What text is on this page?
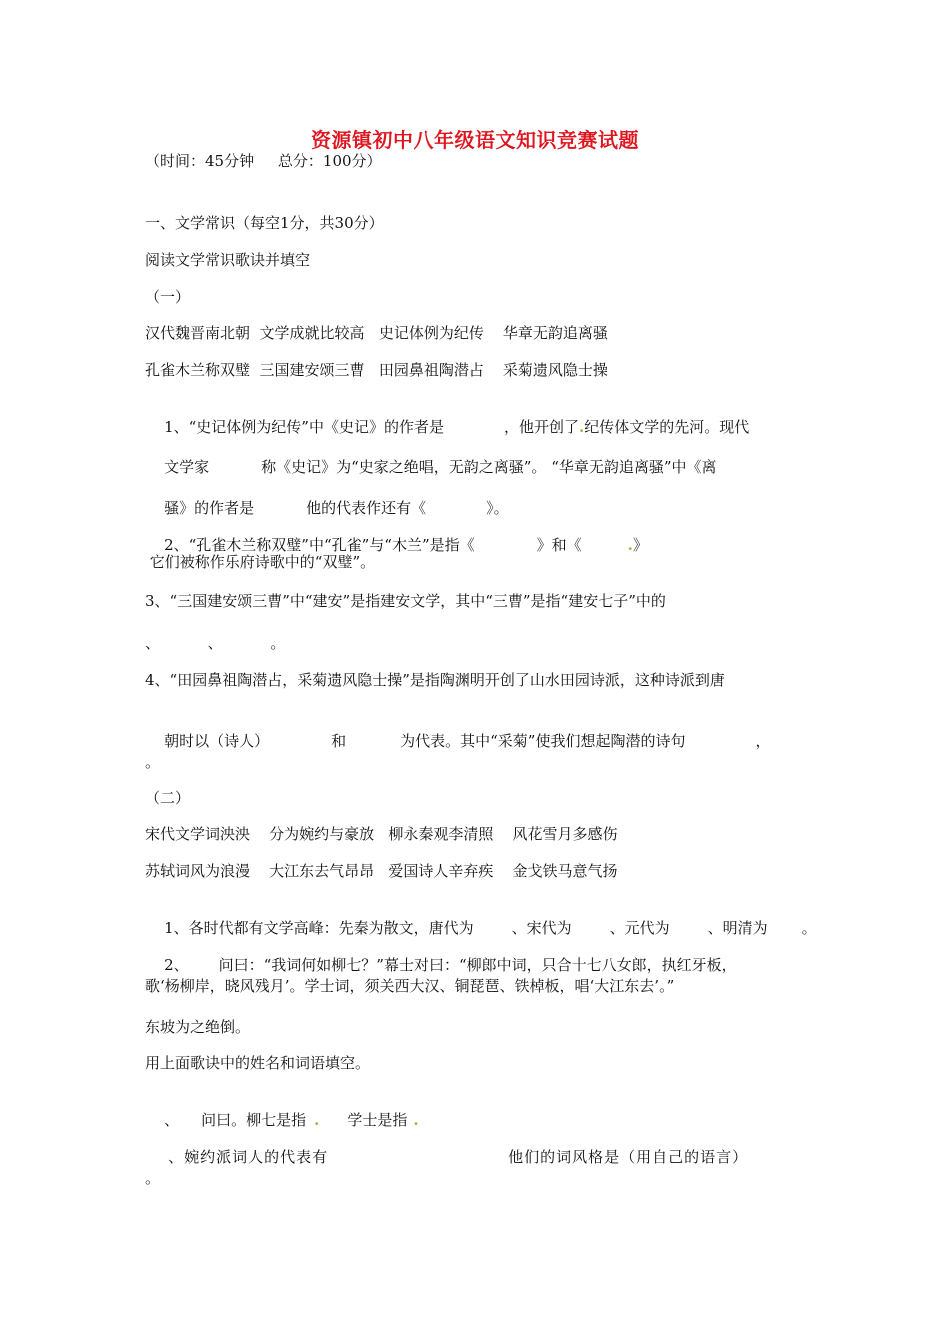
资源镇初中八年级语文知识竞赛试题
（时间：45分钟     总分：100分）
一、文学常识（每空1分，共30分）
阅读文学常识歌诀并填空
（一）
汉代魏晋南北朝  文学成就比较高   史记体例为纪传    华章无韵追离骚
孔雀木兰称双璧  三国建安颂三曹   田园鼻祖陶潜占    采菊遗风隐士操

1、“史记体例为纪传”中《史记》的作者是	，他开创了.纪传体文学的先河。现代

文学家	称《史记》为“史家之绝唱，无韵之离骚”。 “华章无韵追离骚”中《离

骚》的作者是	他的代表作还有《	》。

2、“孔雀木兰称双璧”中“孔雀”与“木兰”是指《	》和《	.》

它们被称作乐府诗歌中的“双璧”。
3、“三国建安颂三曹”中“建安”是指建安文学，其中“三曹”是指“建安七子”中的
、          、          。
4、“田园鼻祖陶潜占，采菊遗风隐士操”是指陶渊明开创了山水田园诗派，这种诗派到唐

朝时以（诗人）	和	为代表。其中“采菊”使我们想起陶潜的诗句	，

。
（二）
宋代文学词泱泱    分为婉约与豪放   柳永秦观李清照    风花雪月多感伤
苏轼词风为浪漫    大江东去气昂昂   爱国诗人辛弃疾    金戈铁马意气扬

1、各时代都有文学高峰：先秦为散文，唐代为	、宋代为	、元代为	、明清为 。

2、 问曰：“我词何如柳七？”幕士对曰：“柳郎中词，只合十七八女郎，执红牙板，

歌‘杨柳岸，晓风残月’。学士词，须关西大汉、铜琵琶、铁棹板，唱‘大江东去’。”
东坡为之绝倒。
用上面歌诀中的姓名和词语填空。

、 问曰。柳七是指 . 学士是指 .

、婉约派词人的代表有	他们的词风格是（用自己的语言）

。
